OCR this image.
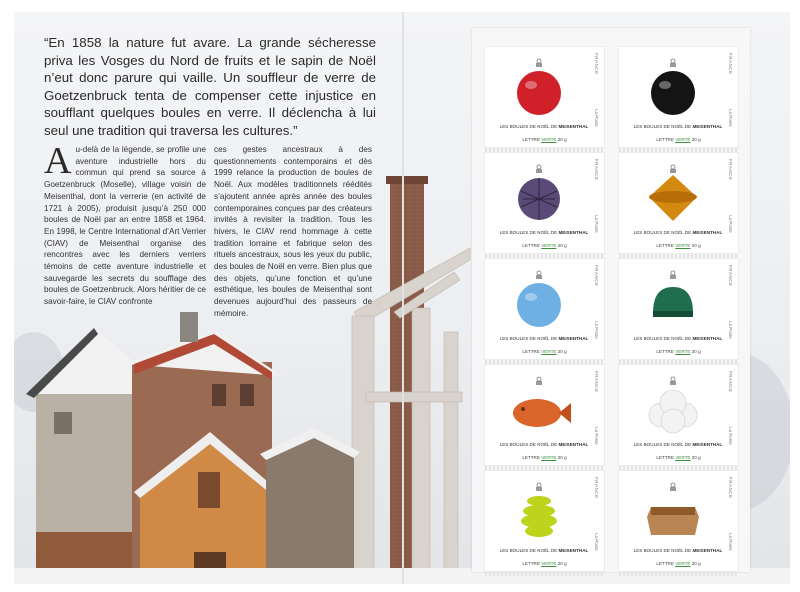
“En 1858 la nature fut avare. La grande sécheresse priva les Vosges du Nord de fruits et le sapin de Noël n’eut donc parure qui vaille. Un souffleur de verre de Goetzenbruck tenta de compenser cette injustice en soufflant quelques boules en verre. Il déclencha à lui seul une tradition qui traversa les cultures.”

Au-delà de la légende, se profile une aventure industrielle hors du commun qui prend sa source à Goetzenbruck (Moselle), village voisin de Meisenthal, dont la verrerie (en activité de 1721 à 2005), produisit jusqu’à 250 000 boules de Noël par an entre 1858 et 1964. En 1998, le Centre International d’Art Verrier (CIAV) de Meisenthal organise des rencontres avec les derniers verriers témoins de cette aventure industrielle et sauvegarde les secrets du soufflage des boules de Goetzenbruck. Alors héritier de ce savoir-faire, le CIAV confronte

ces gestes ancestraux à des questionnements contemporains et dès 1999 relance la production de boules de Noël. Aux modèles traditionnels réédités s’ajoutent année après année des boules contemporaines conçues par des créateurs invités à revisiter la tradition. Tous les hivers, le CIAV rend hommage à cette tradition lorraine et fabrique selon des rituels ancestraux, sous les yeux du public, des boules de Noël en verre. Bien plus que des objets, qu’une fonction et qu’une esthétique, les boules de Meisenthal sont devenues aujourd’hui des passeurs de mémoire.

FRANCE
La Poste
LES BOULES DE NOËL DE MEISENTHAL
LETTRE VERTE 20 g
FRANCE
La Poste
LES BOULES DE NOËL DE MEISENTHAL
LETTRE VERTE 20 g
FRANCE
La Poste
LES BOULES DE NOËL DE MEISENTHAL
LETTRE VERTE 20 g
FRANCE
La Poste
LES BOULES DE NOËL DE MEISENTHAL
LETTRE VERTE 20 g
FRANCE
La Poste
LES BOULES DE NOËL DE MEISENTHAL
LETTRE VERTE 20 g
FRANCE
La Poste
LES BOULES DE NOËL DE MEISENTHAL
LETTRE VERTE 20 g
FRANCE
La Poste
LES BOULES DE NOËL DE MEISENTHAL
LETTRE VERTE 20 g
FRANCE
La Poste
LES BOULES DE NOËL DE MEISENTHAL
LETTRE VERTE 20 g
FRANCE
La Poste
LES BOULES DE NOËL DE MEISENTHAL
LETTRE VERTE 20 g
FRANCE
La Poste
LES BOULES DE NOËL DE MEISENTHAL
LETTRE VERTE 20 g
